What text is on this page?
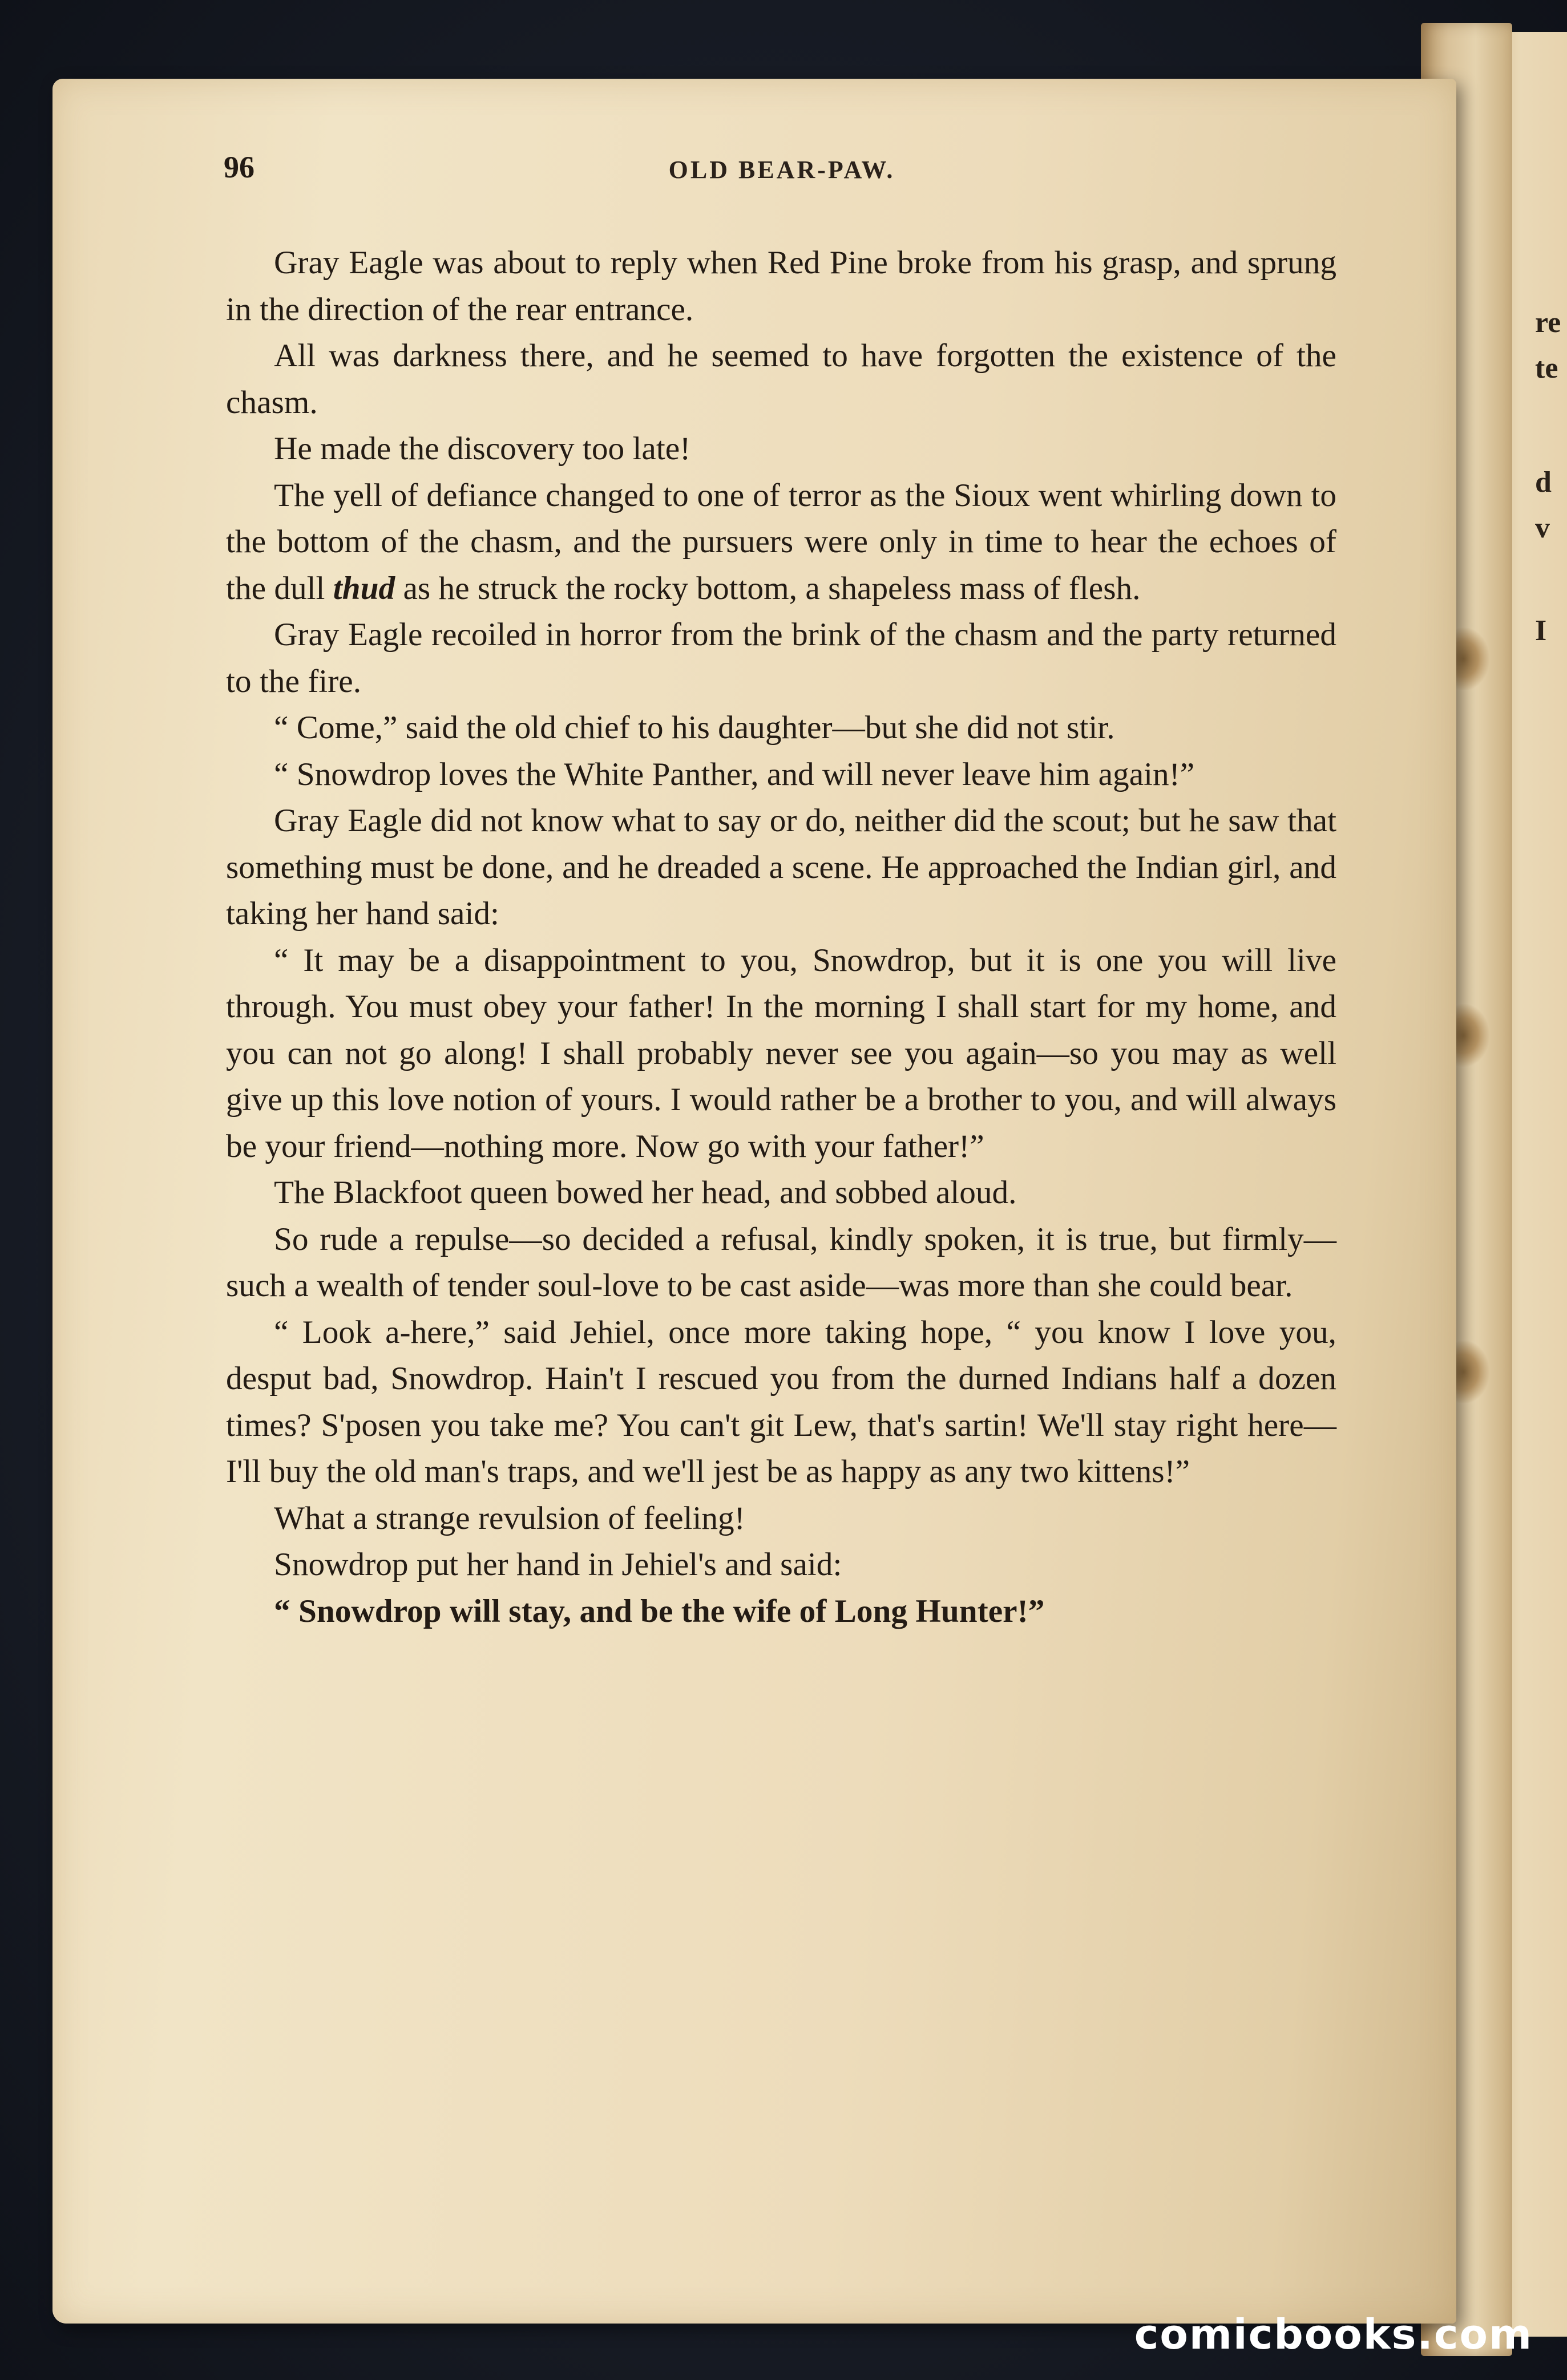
re
te
d
v
I
96	OLD BEAR-PAW.

Gray Eagle was about to reply when Red Pine broke from his grasp, and sprung in the direction of the rear entrance.

All was darkness there, and he seemed to have forgotten the existence of the chasm.

He made the discovery too late!

The yell of defiance changed to one of terror as the Sioux went whirling down to the bottom of the chasm, and the pursuers were only in time to hear the echoes of the dull thud as he struck the rocky bottom, a shapeless mass of flesh.

Gray Eagle recoiled in horror from the brink of the chasm and the party returned to the fire.

“ Come,” said the old chief to his daughter—but she did not stir.

“ Snowdrop loves the White Panther, and will never leave him again!”

Gray Eagle did not know what to say or do, neither did the scout; but he saw that something must be done, and he dreaded a scene. He approached the Indian girl, and taking her hand said:

“ It may be a disappointment to you, Snowdrop, but it is one you will live through. You must obey your father! In the morning I shall start for my home, and you can not go along! I shall probably never see you again—so you may as well give up this love notion of yours. I would rather be a brother to you, and will always be your friend—nothing more. Now go with your father!”

The Blackfoot queen bowed her head, and sobbed aloud.

So rude a repulse—so decided a refusal, kindly spoken, it is true, but firmly—such a wealth of tender soul-love to be cast aside—was more than she could bear.

“ Look a-here,” said Jehiel, once more taking hope, “ you know I love you, desput bad, Snowdrop. Hain't I rescued you from the durned Indians half a dozen times? S'posen you take me? You can't git Lew, that's sartin! We'll stay right here—I'll buy the old man's traps, and we'll jest be as happy as any two kittens!”

What a strange revulsion of feeling!

Snowdrop put her hand in Jehiel's and said:

“ Snowdrop will stay, and be the wife of Long Hunter!”

comicbooks.com
